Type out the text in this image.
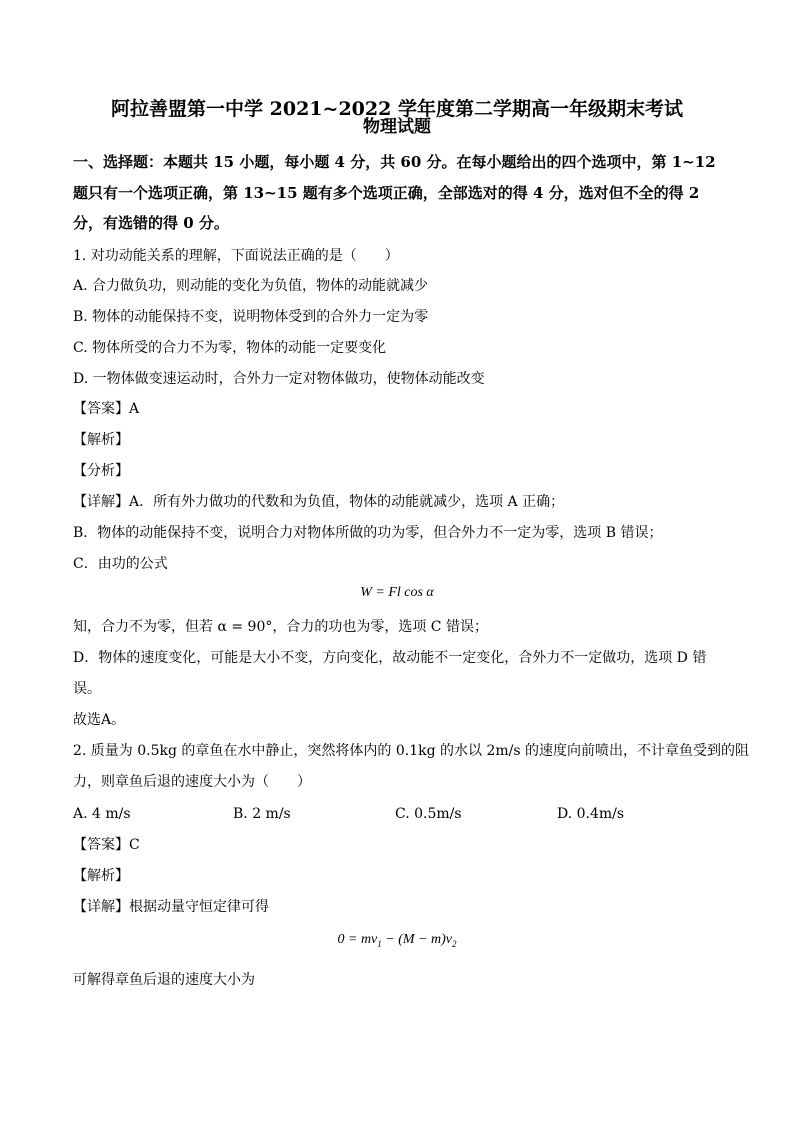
阿拉善盟第一中学 2021~2022 学年度第二学期高一年级期末考试
物理试题
一、选择题：本题共 15 小题，每小题 4 分，共 60 分。在每小题给出的四个选项中，第 1~12
题只有一个选项正确，第 13~15 题有多个选项正确，全部选对的得 4 分，选对但不全的得 2
分，有选错的得 0 分。
1. 对功动能关系的理解，下面说法正确的是（　　）
A. 合力做负功，则动能的变化为负值，物体的动能就减少
B. 物体的动能保持不变，说明物体受到的合外力一定为零
C. 物体所受的合力不为零，物体的动能一定要变化
D. 一物体做变速运动时，合外力一定对物体做功，使物体动能改变
【答案】A
【解析】
【分析】
【详解】A．所有外力做功的代数和为负值，物体的动能就减少，选项 A 正确；
B．物体的动能保持不变，说明合力对物体所做的功为零，但合外力不一定为零，选项 B 错误；
C．由功的公式
W = Fl cos α
知，合力不为零，但若 α = 90°，合力的功也为零，选项 C 错误；
D．物体的速度变化，可能是大小不变，方向变化，故动能不一定变化，合外力不一定做功，选项 D 错
误。
故选A。
2. 质量为 0.5kg 的章鱼在水中静止，突然将体内的 0.1kg 的水以 2m/s 的速度向前喷出，不计章鱼受到的阻
力，则章鱼后退的速度大小为（　　）
A. 4 m/s	B. 2 m/s	C. 0.5m/s	D. 0.4m/s
【答案】C
【解析】
【详解】根据动量守恒定律可得
$0 = mv_1 - (M - m)v_2$
可解得章鱼后退的速度大小为
